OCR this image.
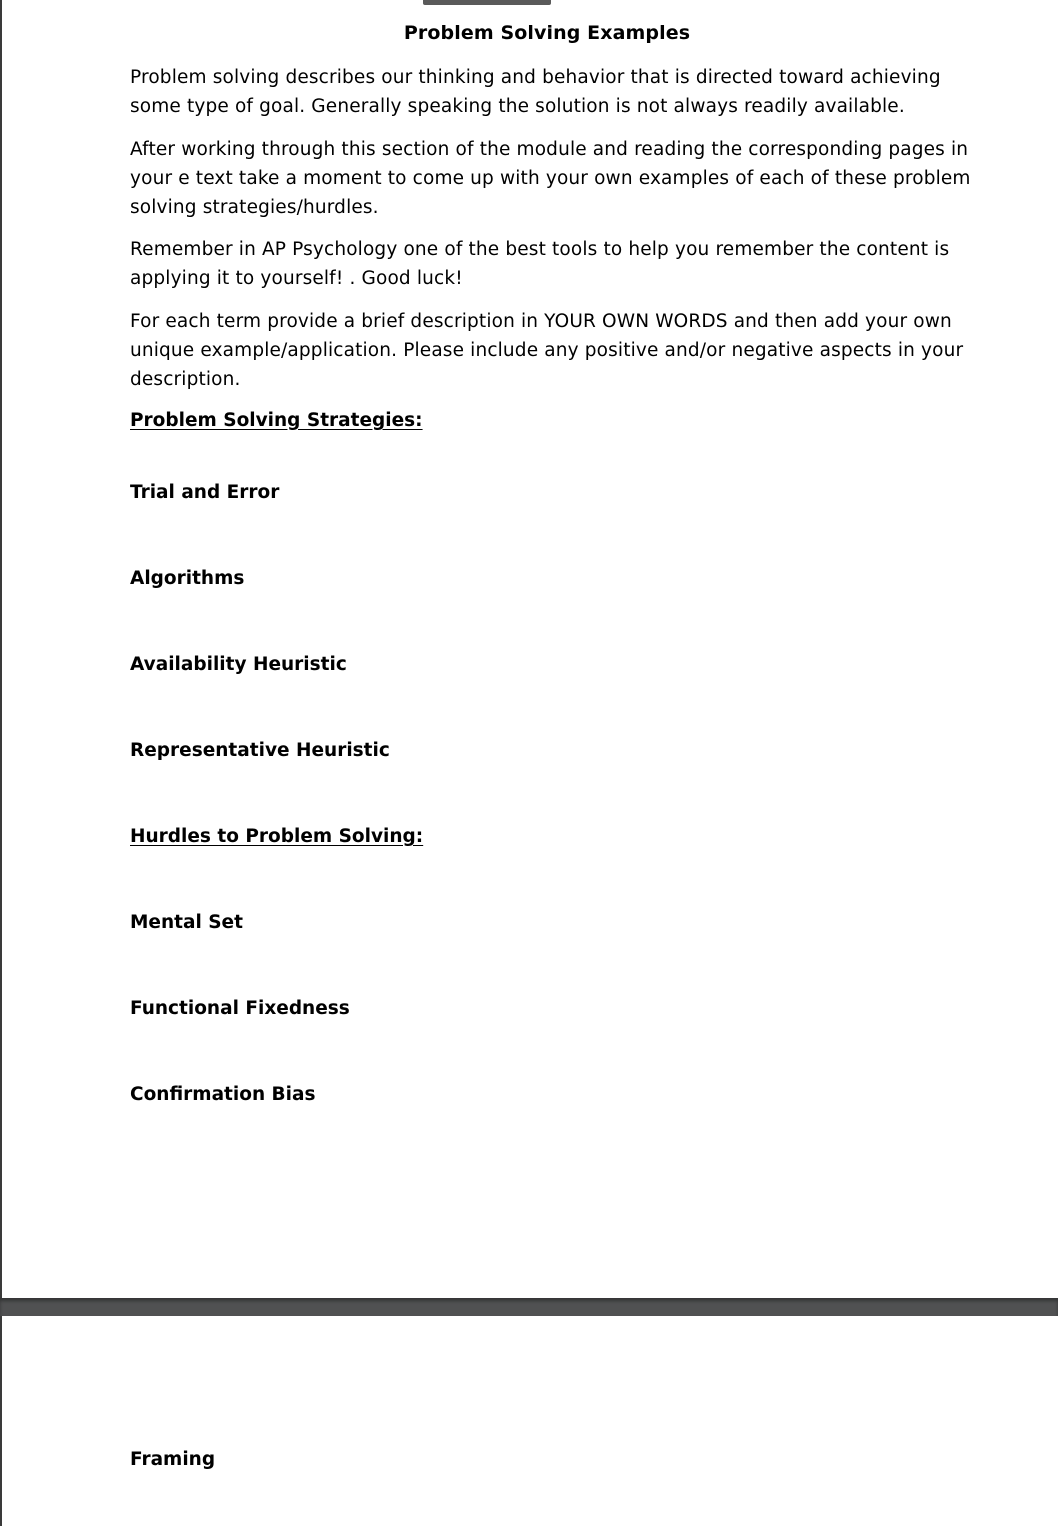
Problem Solving Examples

Problem solving describes our thinking and behavior that is directed toward achieving some type of goal. Generally speaking the solution is not always readily available.

After working through this section of the module and reading the corresponding pages in your e text take a moment to come up with your own examples of each of these problem solving strategies/hurdles.

Remember in AP Psychology one of the best tools to help you remember the content is applying it to yourself! . Good luck!

For each term provide a brief description in YOUR OWN WORDS and then add your own unique example/application. Please include any positive and/or negative aspects in your description.

Problem Solving Strategies:

Trial and Error

Algorithms

Availability Heuristic

Representative Heuristic

Hurdles to Problem Solving:

Mental Set

Functional Fixedness

Confirmation Bias

Framing
